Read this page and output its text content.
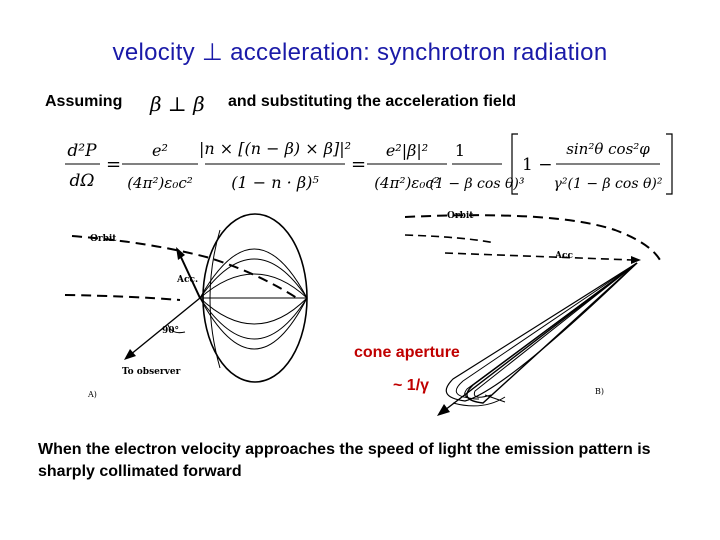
velocity ⊥ acceleration: synchrotron radiation
Assuming β ⊥ β and substituting the acceleration field
d²P
dΩ
=
e²
(4π²)ε₀c²
|n × [(n − β) × β]|²
(1 − n · β)⁵
=
e²|β|²
(4π²)ε₀c²
1
(1 − β cos θ)³
1 −
sin²θ cos²φ
γ²(1 − β cos θ)²
Orbit
Acc.
To observer
90°
A)
Orbit
Acc
B)
cone aperture
~ 1/γ
When the electron velocity approaches the speed of light the emission pattern is sharply collimated forward
